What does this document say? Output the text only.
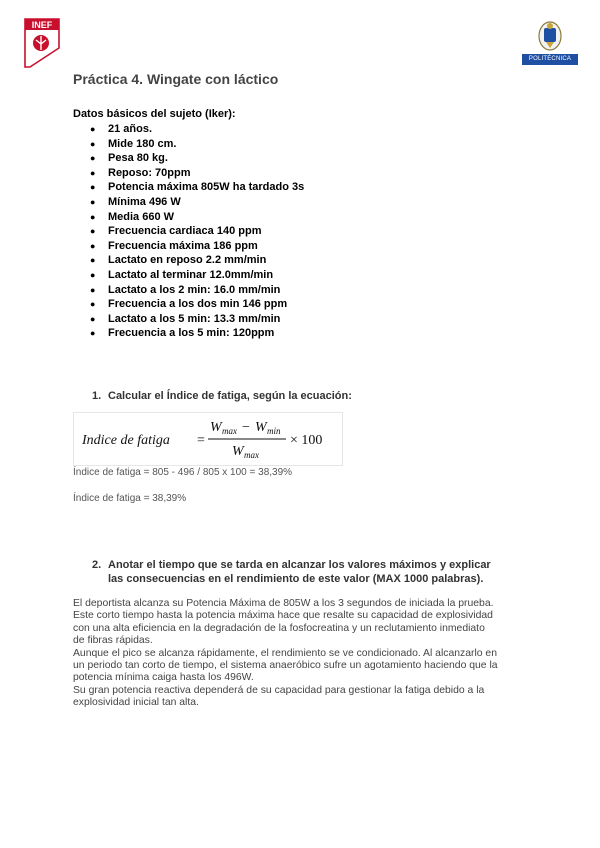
INEF
POLITÉCNICA
Práctica 4. Wingate con láctico

Datos básicos del sujeto (Iker):

● 21 años.
● Mide 180 cm.
● Pesa 80 kg.
● Reposo: 70ppm
● Potencia máxima 805W ha tardado 3s
● Mínima 496 W
● Media 660 W
● Frecuencia cardiaca 140 ppm
● Frecuencia máxima 186 ppm
● Lactato en reposo 2.2 mm/min
● Lactato al terminar 12.0mm/min
● Lactato a los 2 min: 16.0 mm/min
● Frecuencia a los dos min 146 ppm
● Lactato a los 5 min: 13.3 mm/min
● Frecuencia a los 5 min: 120ppm

1. Calcular el Índice de fatiga, según la ecuación:

Indice de fatiga =
W max − W min
W max
× 100

Índice de fatiga = 805 - 496 / 805 x 100 = 38,39%

Índice de fatiga = 38,39%

2. Anotar el tiempo que se tarda en alcanzar los valores máximos y explicar las consecuencias en el rendimiento de este valor (MAX 1000 palabras).

El deportista alcanza su Potencia Máxima de 805W a los 3 segundos de iniciada la prueba.
Este corto tiempo hasta la potencia máxima hace que resalte su capacidad de explosividad
con una alta eficiencia en la degradación de la fosfocreatina y un reclutamiento inmediato
de fibras rápidas.
Aunque el pico se alcanza rápidamente, el rendimiento se ve condicionado. Al alcanzarlo en
un periodo tan corto de tiempo, el sistema anaeróbico sufre un agotamiento haciendo que la
potencia mínima caiga hasta los 496W.
Su gran potencia reactiva dependerá de su capacidad para gestionar la fatiga debido a la
explosividad inicial tan alta.
